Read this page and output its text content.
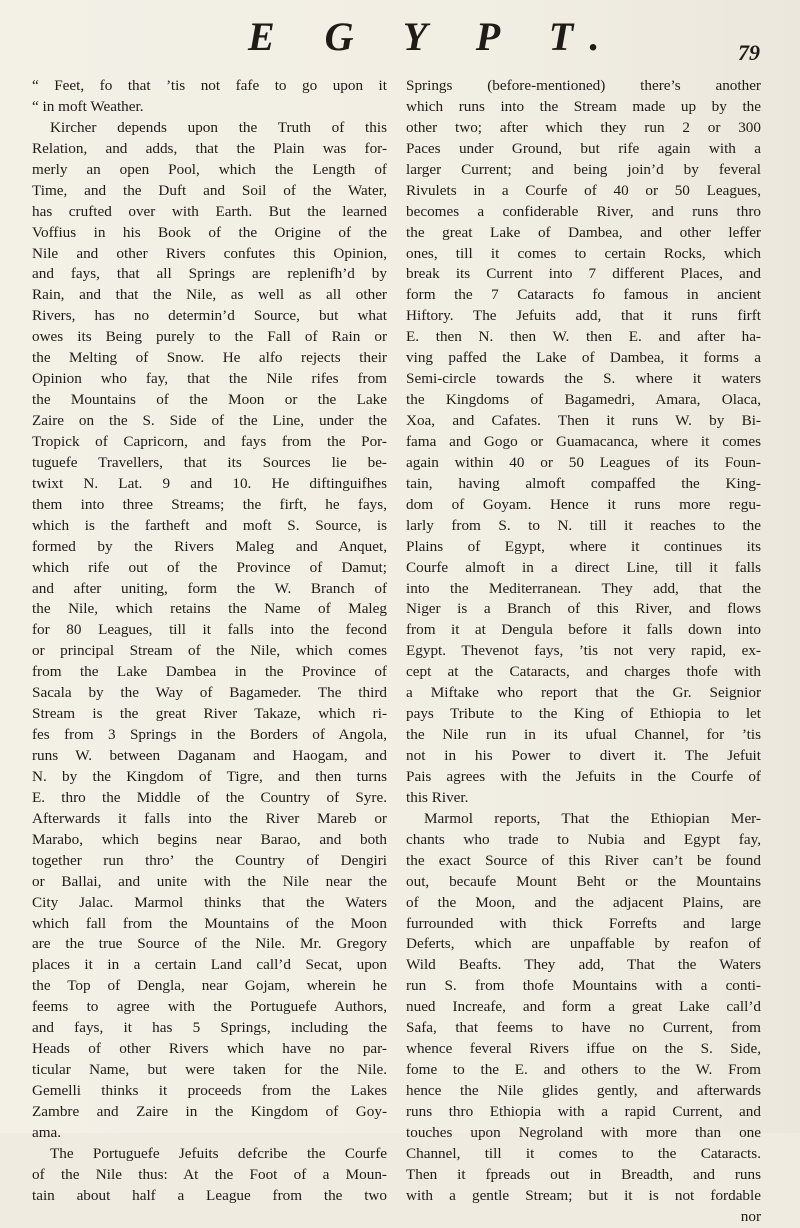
E G Y P T.	79
“ Feet, fo that ’tis not fafe to go upon it
“ in moft Weather.
Kircher depends upon the Truth of this
Relation, and adds, that the Plain was for-
merly an open Pool, which the Length of
Time, and the Duft and Soil of the Water,
has crufted over with Earth. But the learned
Voffius in his Book of the Origine of the
Nile and other Rivers confutes this Opinion,
and fays, that all Springs are replenifh’d by
Rain, and that the Nile, as well as all other
Rivers, has no determin’d Source, but what
owes its Being purely to the Fall of Rain or
the Melting of Snow. He alfo rejects their
Opinion who fay, that the Nile rifes from
the Mountains of the Moon or the Lake
Zaire on the S. Side of the Line, under the
Tropick of Capricorn, and fays from the Por-
tuguefe Travellers, that its Sources lie be-
twixt N. Lat. 9 and 10. He diftinguifhes
them into three Streams; the firft, he fays,
which is the fartheft and moft S. Source, is
formed by the Rivers Maleg and Anquet,
which rife out of the Province of Damut;
and after uniting, form the W. Branch of
the Nile, which retains the Name of Maleg
for 80 Leagues, till it falls into the fecond
or principal Stream of the Nile, which comes
from the Lake Dambea in the Province of
Sacala by the Way of Bagameder. The third
Stream is the great River Takaze, which ri-
fes from 3 Springs in the Borders of Angola,
runs W. between Daganam and Haogam, and
N. by the Kingdom of Tigre, and then turns
E. thro the Middle of the Country of Syre.
Afterwards it falls into the River Mareb or
Marabo, which begins near Barao, and both
together run thro’ the Country of Dengiri
or Ballai, and unite with the Nile near the
City Jalac. Marmol thinks that the Waters
which fall from the Mountains of the Moon
are the true Source of the Nile. Mr. Gregory
places it in a certain Land call’d Secat, upon
the Top of Dengla, near Gojam, wherein he
feems to agree with the Portuguefe Authors,
and fays, it has 5 Springs, including the
Heads of other Rivers which have no par-
ticular Name, but were taken for the Nile.
Gemelli thinks it proceeds from the Lakes
Zambre and Zaire in the Kingdom of Goy-
ama.
The Portuguefe Jefuits defcribe the Courfe
of the Nile thus: At the Foot of a Moun-
tain about half a League from the two
Springs (before-mentioned) there’s another
which runs into the Stream made up by the
other two; after which they run 2 or 300
Paces under Ground, but rife again with a
larger Current; and being join’d by feveral
Rivulets in a Courfe of 40 or 50 Leagues,
becomes a confiderable River, and runs thro
the great Lake of Dambea, and other leffer
ones, till it comes to certain Rocks, which
break its Current into 7 different Places, and
form the 7 Cataracts fo famous in ancient
Hiftory. The Jefuits add, that it runs firft
E. then N. then W. then E. and after ha-
ving paffed the Lake of Dambea, it forms a
Semi-circle towards the S. where it waters
the Kingdoms of Bagamedri, Amara, Olaca,
Xoa, and Cafates. Then it runs W. by Bi-
fama and Gogo or Guamacanca, where it comes
again within 40 or 50 Leagues of its Foun-
tain, having almoft compaffed the King-
dom of Goyam. Hence it runs more regu-
larly from S. to N. till it reaches to the
Plains of Egypt, where it continues its
Courfe almoft in a direct Line, till it falls
into the Mediterranean. They add, that the
Niger is a Branch of this River, and flows
from it at Dengula before it falls down into
Egypt. Thevenot fays, ’tis not very rapid, ex-
cept at the Cataracts, and charges thofe with
a Miftake who report that the Gr. Seignior
pays Tribute to the King of Ethiopia to let
the Nile run in its ufual Channel, for ’tis
not in his Power to divert it. The Jefuit
Pais agrees with the Jefuits in the Courfe of
this River.
Marmol reports, That the Ethiopian Mer-
chants who trade to Nubia and Egypt fay,
the exact Source of this River can’t be found
out, becaufe Mount Beht or the Mountains
of the Moon, and the adjacent Plains, are
furrounded with thick Forrefts and large
Deferts, which are unpaffable by reafon of
Wild Beafts. They add, That the Waters
run S. from thofe Mountains with a conti-
nued Increafe, and form a great Lake call’d
Safa, that feems to have no Current, from
whence feveral Rivers iffue on the S. Side,
fome to the E. and others to the W. From
hence the Nile glides gently, and afterwards
runs thro Ethiopia with a rapid Current, and
touches upon Negroland with more than one
Channel, till it comes to the Cataracts.
Then it fpreads out in Breadth, and runs
with a gentle Stream; but it is not fordable
nor
